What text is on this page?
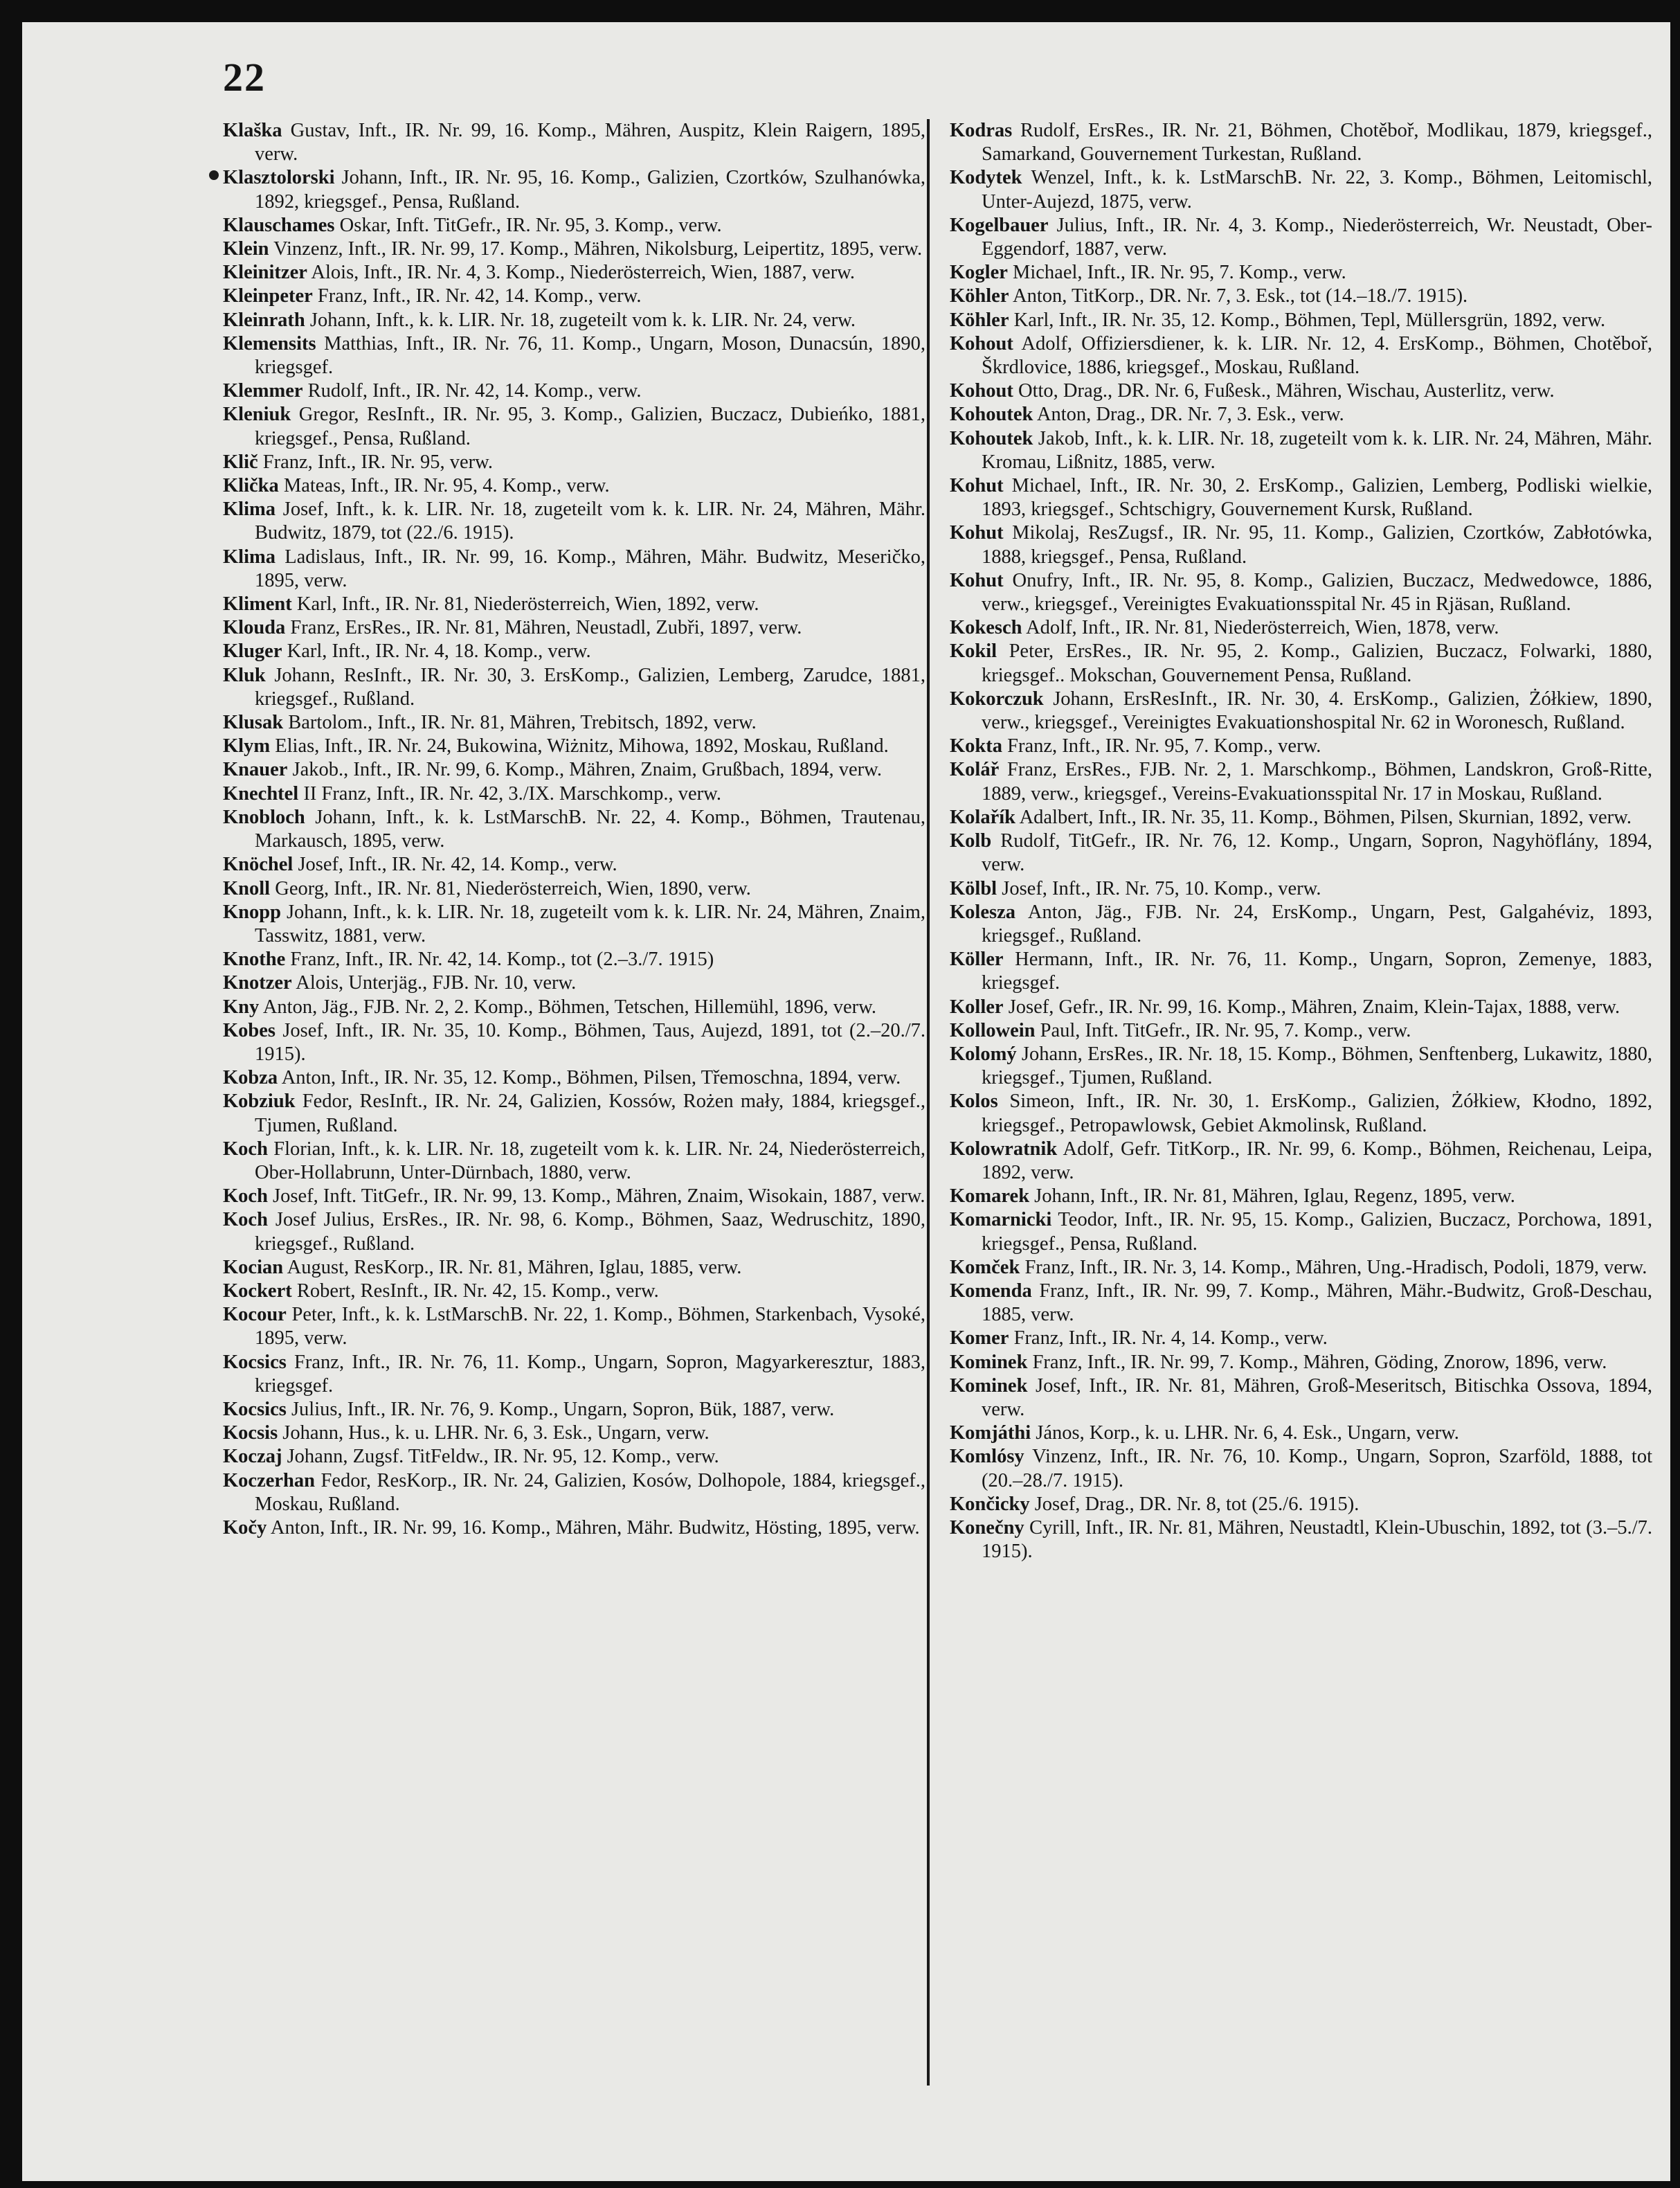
22

Klaška Gustav, Inft., IR. Nr. 99, 16. Komp., Mähren, Auspitz, Klein Raigern, 1895, verw.

Klasztolorski Johann, Inft., IR. Nr. 95, 16. Komp., Galizien, Czortków, Szulhanówka, 1892, kriegsgef., Pensa, Rußland.

Klauschames Oskar, Inft. TitGefr., IR. Nr. 95, 3. Komp., verw.

Klein Vinzenz, Inft., IR. Nr. 99, 17. Komp., Mähren, Nikolsburg, Leipertitz, 1895, verw.

Kleinitzer Alois, Inft., IR. Nr. 4, 3. Komp., Niederösterreich, Wien, 1887, verw.

Kleinpeter Franz, Inft., IR. Nr. 42, 14. Komp., verw.

Kleinrath Johann, Inft., k. k. LIR. Nr. 18, zugeteilt vom k. k. LIR. Nr. 24, verw.

Klemensits Matthias, Inft., IR. Nr. 76, 11. Komp., Ungarn, Moson, Dunacsún, 1890, kriegsgef.

Klemmer Rudolf, Inft., IR. Nr. 42, 14. Komp., verw.

Kleniuk Gregor, ResInft., IR. Nr. 95, 3. Komp., Galizien, Buczacz, Dubieńko, 1881, kriegsgef., Pensa, Rußland.

Klič Franz, Inft., IR. Nr. 95, verw.

Klička Mateas, Inft., IR. Nr. 95, 4. Komp., verw.

Klima Josef, Inft., k. k. LIR. Nr. 18, zugeteilt vom k. k. LIR. Nr. 24, Mähren, Mähr. Budwitz, 1879, tot (22./6. 1915).

Klima Ladislaus, Inft., IR. Nr. 99, 16. Komp., Mähren, Mähr. Budwitz, Meseričko, 1895, verw.

Kliment Karl, Inft., IR. Nr. 81, Niederösterreich, Wien, 1892, verw.

Klouda Franz, ErsRes., IR. Nr. 81, Mähren, Neustadl, Zubři, 1897, verw.

Kluger Karl, Inft., IR. Nr. 4, 18. Komp., verw.

Kluk Johann, ResInft., IR. Nr. 30, 3. ErsKomp., Galizien, Lemberg, Zarudce, 1881, kriegsgef., Rußland.

Klusak Bartolom., Inft., IR. Nr. 81, Mähren, Trebitsch, 1892, verw.

Klym Elias, Inft., IR. Nr. 24, Bukowina, Wiżnitz, Mihowa, 1892, Moskau, Rußland.

Knauer Jakob., Inft., IR. Nr. 99, 6. Komp., Mähren, Znaim, Grußbach, 1894, verw.

Knechtel II Franz, Inft., IR. Nr. 42, 3./IX. Marschkomp., verw.

Knobloch Johann, Inft., k. k. LstMarschB. Nr. 22, 4. Komp., Böhmen, Trautenau, Markausch, 1895, verw.

Knöchel Josef, Inft., IR. Nr. 42, 14. Komp., verw.

Knoll Georg, Inft., IR. Nr. 81, Niederösterreich, Wien, 1890, verw.

Knopp Johann, Inft., k. k. LIR. Nr. 18, zugeteilt vom k. k. LIR. Nr. 24, Mähren, Znaim, Tasswitz, 1881, verw.

Knothe Franz, Inft., IR. Nr. 42, 14. Komp., tot (2.–3./7. 1915)

Knotzer Alois, Unterjäg., FJB. Nr. 10, verw.

Kny Anton, Jäg., FJB. Nr. 2, 2. Komp., Böhmen, Tetschen, Hillemühl, 1896, verw.

Kobes Josef, Inft., IR. Nr. 35, 10. Komp., Böhmen, Taus, Aujezd, 1891, tot (2.–20./7. 1915).

Kobza Anton, Inft., IR. Nr. 35, 12. Komp., Böhmen, Pilsen, Třemoschna, 1894, verw.

Kobziuk Fedor, ResInft., IR. Nr. 24, Galizien, Kossów, Rożen mały, 1884, kriegsgef., Tjumen, Rußland.

Koch Florian, Inft., k. k. LIR. Nr. 18, zugeteilt vom k. k. LIR. Nr. 24, Niederösterreich, Ober-Hollabrunn, Unter-Dürnbach, 1880, verw.

Koch Josef, Inft. TitGefr., IR. Nr. 99, 13. Komp., Mähren, Znaim, Wisokain, 1887, verw.

Koch Josef Julius, ErsRes., IR. Nr. 98, 6. Komp., Böhmen, Saaz, Wedruschitz, 1890, kriegsgef., Rußland.

Kocian August, ResKorp., IR. Nr. 81, Mähren, Iglau, 1885, verw.

Kockert Robert, ResInft., IR. Nr. 42, 15. Komp., verw.

Kocour Peter, Inft., k. k. LstMarschB. Nr. 22, 1. Komp., Böhmen, Starkenbach, Vysoké, 1895, verw.

Kocsics Franz, Inft., IR. Nr. 76, 11. Komp., Ungarn, Sopron, Magyarkeresztur, 1883, kriegsgef.

Kocsics Julius, Inft., IR. Nr. 76, 9. Komp., Ungarn, Sopron, Bük, 1887, verw.

Kocsis Johann, Hus., k. u. LHR. Nr. 6, 3. Esk., Ungarn, verw.

Koczaj Johann, Zugsf. TitFeldw., IR. Nr. 95, 12. Komp., verw.

Koczerhan Fedor, ResKorp., IR. Nr. 24, Galizien, Kosów, Dolhopole, 1884, kriegsgef., Moskau, Rußland.

Kočy Anton, Inft., IR. Nr. 99, 16. Komp., Mähren, Mähr. Budwitz, Hösting, 1895, verw.

Kodras Rudolf, ErsRes., IR. Nr. 21, Böhmen, Chotěboř, Modlikau, 1879, kriegsgef., Samarkand, Gouvernement Turkestan, Rußland.

Kodytek Wenzel, Inft., k. k. LstMarschB. Nr. 22, 3. Komp., Böhmen, Leitomischl, Unter-Aujezd, 1875, verw.

Kogelbauer Julius, Inft., IR. Nr. 4, 3. Komp., Niederösterreich, Wr. Neustadt, Ober-Eggendorf, 1887, verw.

Kogler Michael, Inft., IR. Nr. 95, 7. Komp., verw.

Köhler Anton, TitKorp., DR. Nr. 7, 3. Esk., tot (14.–18./7. 1915).

Köhler Karl, Inft., IR. Nr. 35, 12. Komp., Böhmen, Tepl, Müllersgrün, 1892, verw.

Kohout Adolf, Offiziersdiener, k. k. LIR. Nr. 12, 4. ErsKomp., Böhmen, Chotěboř, Škrdlovice, 1886, kriegsgef., Moskau, Rußland.

Kohout Otto, Drag., DR. Nr. 6, Fußesk., Mähren, Wischau, Austerlitz, verw.

Kohoutek Anton, Drag., DR. Nr. 7, 3. Esk., verw.

Kohoutek Jakob, Inft., k. k. LIR. Nr. 18, zugeteilt vom k. k. LIR. Nr. 24, Mähren, Mähr. Kromau, Lißnitz, 1885, verw.

Kohut Michael, Inft., IR. Nr. 30, 2. ErsKomp., Galizien, Lemberg, Podliski wielkie, 1893, kriegsgef., Schtschigry, Gouvernement Kursk, Rußland.

Kohut Mikolaj, ResZugsf., IR. Nr. 95, 11. Komp., Galizien, Czortków, Zabłotówka, 1888, kriegsgef., Pensa, Rußland.

Kohut Onufry, Inft., IR. Nr. 95, 8. Komp., Galizien, Buczacz, Medwedowce, 1886, verw., kriegsgef., Vereinigtes Evakuationsspital Nr. 45 in Rjäsan, Rußland.

Kokesch Adolf, Inft., IR. Nr. 81, Niederösterreich, Wien, 1878, verw.

Kokil Peter, ErsRes., IR. Nr. 95, 2. Komp., Galizien, Buczacz, Folwarki, 1880, kriegsgef.. Mokschan, Gouvernement Pensa, Rußland.

Kokorczuk Johann, ErsResInft., IR. Nr. 30, 4. ErsKomp., Galizien, Żółkiew, 1890, verw., kriegsgef., Vereinigtes Evakuationshospital Nr. 62 in Woronesch, Rußland.

Kokta Franz, Inft., IR. Nr. 95, 7. Komp., verw.

Kolář Franz, ErsRes., FJB. Nr. 2, 1. Marschkomp., Böhmen, Landskron, Groß-Ritte, 1889, verw., kriegsgef., Vereins-Evakuationsspital Nr. 17 in Moskau, Rußland.

Kolařík Adalbert, Inft., IR. Nr. 35, 11. Komp., Böhmen, Pilsen, Skurnian, 1892, verw.

Kolb Rudolf, TitGefr., IR. Nr. 76, 12. Komp., Ungarn, Sopron, Nagyhöflány, 1894, verw.

Kölbl Josef, Inft., IR. Nr. 75, 10. Komp., verw.

Kolesza Anton, Jäg., FJB. Nr. 24, ErsKomp., Ungarn, Pest, Galgahéviz, 1893, kriegsgef., Rußland.

Köller Hermann, Inft., IR. Nr. 76, 11. Komp., Ungarn, Sopron, Zemenye, 1883, kriegsgef.

Koller Josef, Gefr., IR. Nr. 99, 16. Komp., Mähren, Znaim, Klein-Tajax, 1888, verw.

Kollowein Paul, Inft. TitGefr., IR. Nr. 95, 7. Komp., verw.

Kolomý Johann, ErsRes., IR. Nr. 18, 15. Komp., Böhmen, Senftenberg, Lukawitz, 1880, kriegsgef., Tjumen, Rußland.

Kolos Simeon, Inft., IR. Nr. 30, 1. ErsKomp., Galizien, Żółkiew, Kłodno, 1892, kriegsgef., Petropawlowsk, Gebiet Akmolinsk, Rußland.

Kolowratnik Adolf, Gefr. TitKorp., IR. Nr. 99, 6. Komp., Böhmen, Reichenau, Leipa, 1892, verw.

Komarek Johann, Inft., IR. Nr. 81, Mähren, Iglau, Regenz, 1895, verw.

Komarnicki Teodor, Inft., IR. Nr. 95, 15. Komp., Galizien, Buczacz, Porchowa, 1891, kriegsgef., Pensa, Rußland.

Komček Franz, Inft., IR. Nr. 3, 14. Komp., Mähren, Ung.-Hradisch, Podoli, 1879, verw.

Komenda Franz, Inft., IR. Nr. 99, 7. Komp., Mähren, Mähr.-Budwitz, Groß-Deschau, 1885, verw.

Komer Franz, Inft., IR. Nr. 4, 14. Komp., verw.

Kominek Franz, Inft., IR. Nr. 99, 7. Komp., Mähren, Göding, Znorow, 1896, verw.

Kominek Josef, Inft., IR. Nr. 81, Mähren, Groß-Meseritsch, Bitischka Ossova, 1894, verw.

Komjáthi János, Korp., k. u. LHR. Nr. 6, 4. Esk., Ungarn, verw.

Komlósy Vinzenz, Inft., IR. Nr. 76, 10. Komp., Ungarn, Sopron, Szarföld, 1888, tot (20.–28./7. 1915).

Končicky Josef, Drag., DR. Nr. 8, tot (25./6. 1915).

Konečny Cyrill, Inft., IR. Nr. 81, Mähren, Neustadtl, Klein-Ubuschin, 1892, tot (3.–5./7. 1915).
